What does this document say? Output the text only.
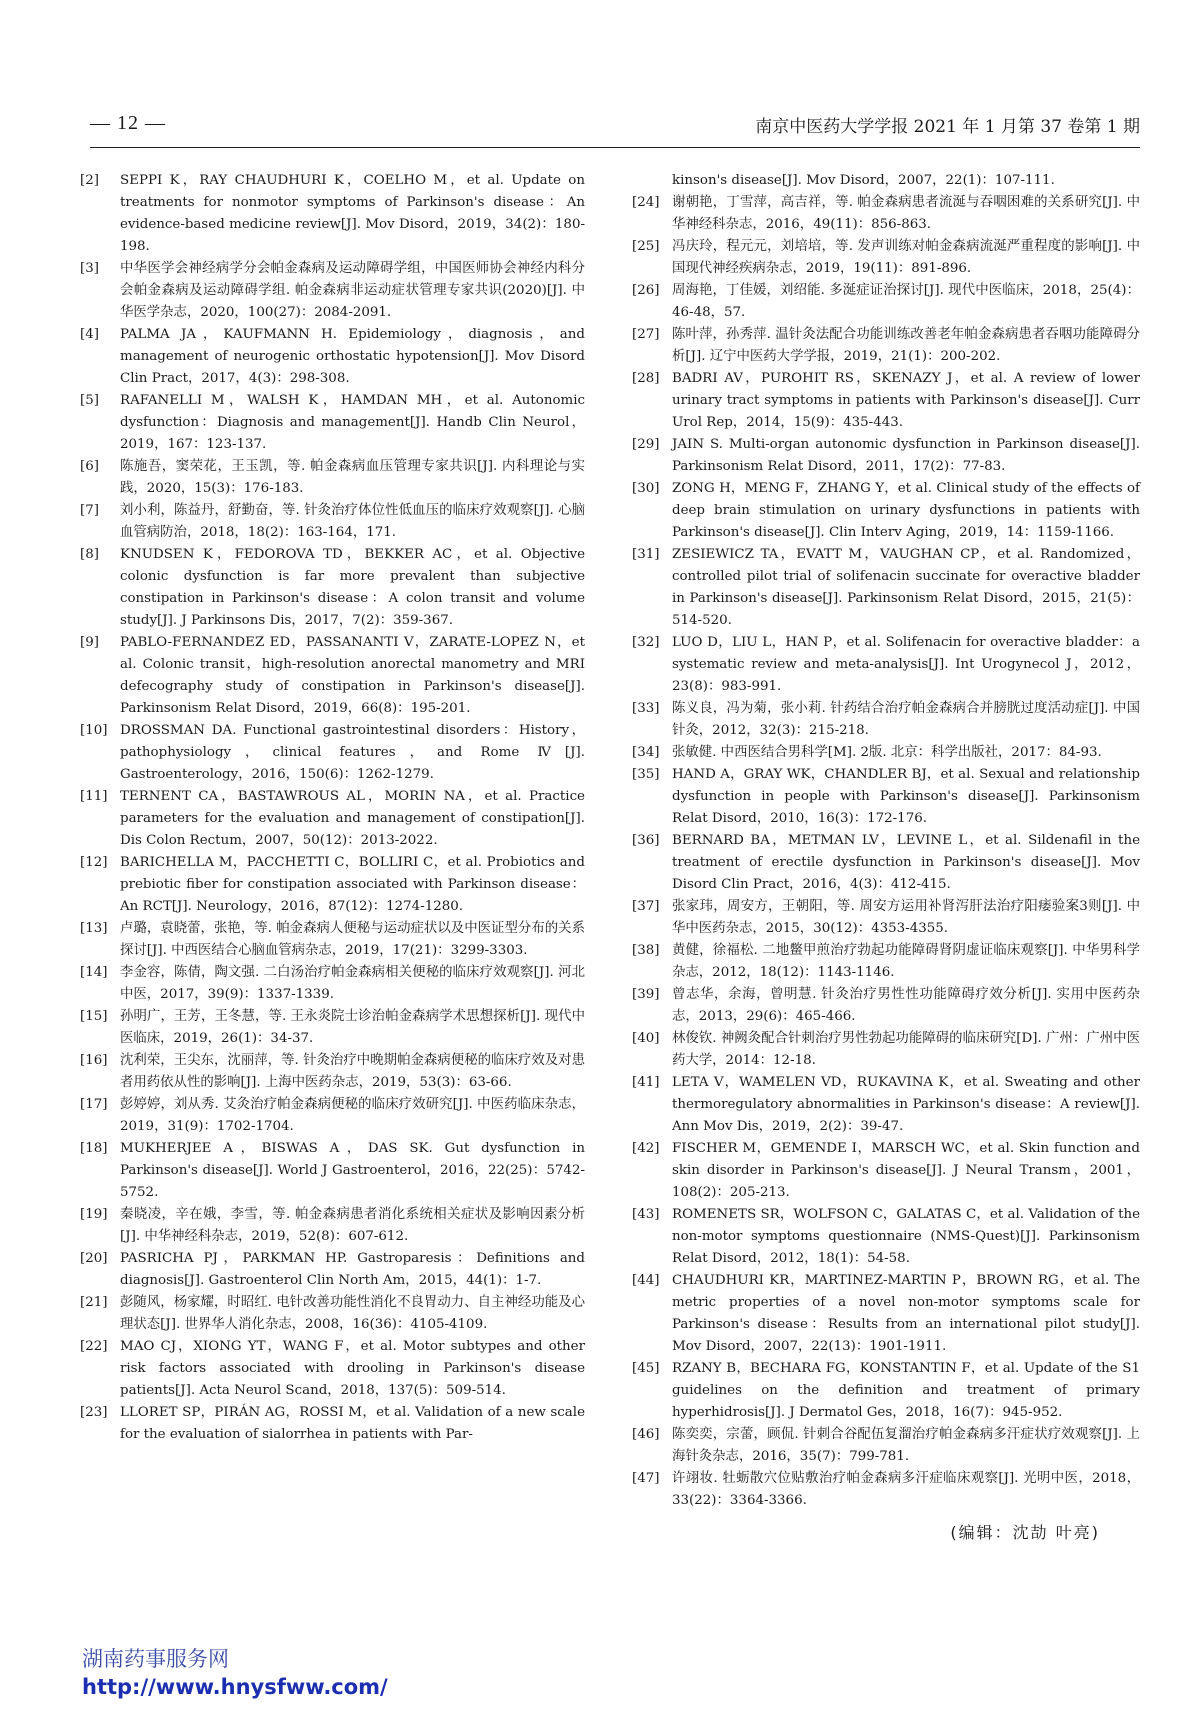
— 12 —	南京中医药大学学报 2021 年 1 月第 37 卷第 1 期
[2]	SEPPI K，RAY CHAUDHURI K，COELHO M，et al. Update on treatments for nonmotor symptoms of Parkinson's disease：An evidence-based medicine review[J]. Mov Disord，2019，34(2)：180-198.
[3]	中华医学会神经病学分会帕金森病及运动障碍学组，中国医师协会神经内科分会帕金森病及运动障碍学组. 帕金森病非运动症状管理专家共识(2020)[J]. 中华医学杂志，2020，100(27)：2084-2091.
[4]	PALMA JA，KAUFMANN H. Epidemiology，diagnosis，and management of neurogenic orthostatic hypotension[J]. Mov Disord Clin Pract，2017，4(3)：298-308.
[5]	RAFANELLI M，WALSH K，HAMDAN MH，et al. Autonomic dysfunction：Diagnosis and management[J]. Handb Clin Neurol，2019，167：123-137.
[6]	陈施吾，窦荣花，王玉凯，等. 帕金森病血压管理专家共识[J]. 内科理论与实践，2020，15(3)：176-183.
[7]	刘小利，陈益丹，舒勤奋，等. 针灸治疗体位性低血压的临床疗效观察[J]. 心脑血管病防治，2018，18(2)：163-164，171.
[8]	KNUDSEN K，FEDOROVA TD，BEKKER AC，et al. Objective colonic dysfunction is far more prevalent than subjective constipation in Parkinson's disease：A colon transit and volume study[J]. J Parkinsons Dis，2017，7(2)：359-367.
[9]	PABLO-FERNANDEZ ED，PASSANANTI V，ZARATE-LOPEZ N，et al. Colonic transit，high-resolution anorectal manometry and MRI defecography study of constipation in Parkinson's disease[J]. Parkinsonism Relat Disord，2019，66(8)：195-201.
[10] DROSSMAN DA. Functional gastrointestinal disorders：History，pathophysiology，clinical features，and Rome Ⅳ[J]. Gastroenterology，2016，150(6)：1262-1279.
[11] TERNENT CA，BASTAWROUS AL，MORIN NA，et al. Practice parameters for the evaluation and management of constipation[J]. Dis Colon Rectum，2007，50(12)：2013-2022.
[12] BARICHELLA M，PACCHETTI C，BOLLIRI C，et al. Probiotics and prebiotic fiber for constipation associated with Parkinson disease：An RCT[J]. Neurology，2016，87(12)：1274-1280.
[13] 卢璐，袁晓蕾，张艳，等. 帕金森病人便秘与运动症状以及中医证型分布的关系探讨[J]. 中西医结合心脑血管病杂志，2019，17(21)：3299-3303.
[14] 李金容，陈倩，陶文强. 二白汤治疗帕金森病相关便秘的临床疗效观察[J]. 河北中医，2017，39(9)：1337-1339.
[15] 孙明广，王芳，王冬慧，等. 王永炎院士诊治帕金森病学术思想探析[J]. 现代中医临床，2019，26(1)：34-37.
[16] 沈利荣，王尖东，沈丽萍，等. 针灸治疗中晚期帕金森病便秘的临床疗效及对患者用药依从性的影响[J]. 上海中医药杂志，2019，53(3)：63-66.
[17] 彭婷婷，刘从秀. 艾灸治疗帕金森病便秘的临床疗效研究[J]. 中医药临床杂志，2019，31(9)：1702-1704.
[18] MUKHERJEE A，BISWAS A，DAS SK. Gut dysfunction in Parkinson's disease[J]. World J Gastroenterol，2016，22(25)：5742-5752.
[19] 秦晓凌，辛在娥，李雪，等. 帕金森病患者消化系统相关症状及影响因素分析[J]. 中华神经科杂志，2019，52(8)：607-612.
[20] PASRICHA PJ，PARKMAN HP. Gastroparesis：Definitions and diagnosis[J]. Gastroenterol Clin North Am，2015，44(1)：1-7.
[21] 彭随风，杨家耀，时昭红. 电针改善功能性消化不良胃动力、自主神经功能及心理状态[J]. 世界华人消化杂志，2008，16(36)：4105-4109.
[22] MAO CJ，XIONG YT，WANG F，et al. Motor subtypes and other risk factors associated with drooling in Parkinson's disease patients[J]. Acta Neurol Scand，2018，137(5)：509-514.
[23] LLORET SP，PIRÁN AG，ROSSI M，et al. Validation of a new scale for the evaluation of sialorrhea in patients with Par-
kinson's disease[J]. Mov Disord，2007，22(1)：107-111.
[24] 谢朝艳，丁雪萍，高吉祥，等. 帕金森病患者流涎与吞咽困难的关系研究[J]. 中华神经科杂志，2016，49(11)：856-863.
[25] 冯庆玲，程元元，刘培培，等. 发声训练对帕金森病流涎严重程度的影响[J]. 中国现代神经疾病杂志，2019，19(11)：891-896.
[26] 周海艳，丁佳媛，刘绍能. 多涎症证治探讨[J]. 现代中医临床，2018，25(4)：46-48，57.
[27] 陈叶萍，孙秀萍. 温针灸法配合功能训练改善老年帕金森病患者吞咽功能障碍分析[J]. 辽宁中医药大学学报，2019，21(1)：200-202.
[28] BADRI AV，PUROHIT RS，SKENAZY J，et al. A review of lower urinary tract symptoms in patients with Parkinson's disease[J]. Curr Urol Rep，2014，15(9)：435-443.
[29] JAIN S. Multi-organ autonomic dysfunction in Parkinson disease[J]. Parkinsonism Relat Disord，2011，17(2)：77-83.
[30] ZONG H，MENG F，ZHANG Y，et al. Clinical study of the effects of deep brain stimulation on urinary dysfunctions in patients with Parkinson's disease[J]. Clin Interv Aging，2019，14：1159-1166.
[31] ZESIEWICZ TA，EVATT M，VAUGHAN CP，et al. Randomized，controlled pilot trial of solifenacin succinate for overactive bladder in Parkinson's disease[J]. Parkinsonism Relat Disord，2015，21(5)：514-520.
[32] LUO D，LIU L，HAN P，et al. Solifenacin for overactive bladder：a systematic review and meta-analysis[J]. Int Urogynecol J，2012，23(8)：983-991.
[33] 陈义良，冯为菊，张小莉. 针药结合治疗帕金森病合并膀胱过度活动症[J]. 中国针灸，2012，32(3)：215-218.
[34] 张敏健. 中西医结合男科学[M]. 2版. 北京：科学出版社，2017：84-93.
[35] HAND A，GRAY WK，CHANDLER BJ，et al. Sexual and relationship dysfunction in people with Parkinson's disease[J]. Parkinsonism Relat Disord，2010，16(3)：172-176.
[36] BERNARD BA，METMAN LV，LEVINE L，et al. Sildenafil in the treatment of erectile dysfunction in Parkinson's disease[J]. Mov Disord Clin Pract，2016，4(3)：412-415.
[37] 张家玮，周安方，王朝阳，等. 周安方运用补肾泻肝法治疗阳痿验案3则[J]. 中华中医药杂志，2015，30(12)：4353-4355.
[38] 黄健，徐福松. 二地鳖甲煎治疗勃起功能障碍肾阴虚证临床观察[J]. 中华男科学杂志，2012，18(12)：1143-1146.
[39] 曾志华，余海，曾明慧. 针灸治疗男性性功能障碍疗效分析[J]. 实用中医药杂志，2013，29(6)：465-466.
[40] 林俊钦. 神阙灸配合针刺治疗男性勃起功能障碍的临床研究[D]. 广州：广州中医药大学，2014：12-18.
[41] LETA V，WAMELEN VD，RUKAVINA K，et al. Sweating and other thermoregulatory abnormalities in Parkinson's disease：A review[J]. Ann Mov Dis，2019，2(2)：39-47.
[42] FISCHER M，GEMENDE I，MARSCH WC，et al. Skin function and skin disorder in Parkinson's disease[J]. J Neural Transm，2001，108(2)：205-213.
[43] ROMENETS SR，WOLFSON C，GALATAS C，et al. Validation of the non-motor symptoms questionnaire (NMS-Quest)[J]. Parkinsonism Relat Disord，2012，18(1)：54-58.
[44] CHAUDHURI KR，MARTINEZ-MARTIN P，BROWN RG，et al. The metric properties of a novel non-motor symptoms scale for Parkinson's disease：Results from an international pilot study[J]. Mov Disord，2007，22(13)：1901-1911.
[45] RZANY B，BECHARA FG，KONSTANTIN F，et al. Update of the S1 guidelines on the definition and treatment of primary hyperhidrosis[J]. J Dermatol Ges，2018，16(7)：945-952.
[46] 陈奕奕，宗蕾，顾侃. 针刺合谷配伍复溜治疗帕金森病多汗症状疗效观察[J]. 上海针灸杂志，2016，35(7)：799-781.
[47] 许翊妆. 牡蛎散穴位贴敷治疗帕金森病多汗症临床观察[J]. 光明中医，2018，33(22)：3364-3366.
(编辑：沈劼 叶亮)
湖南药事服务网
http://www.hnysfww.com/
